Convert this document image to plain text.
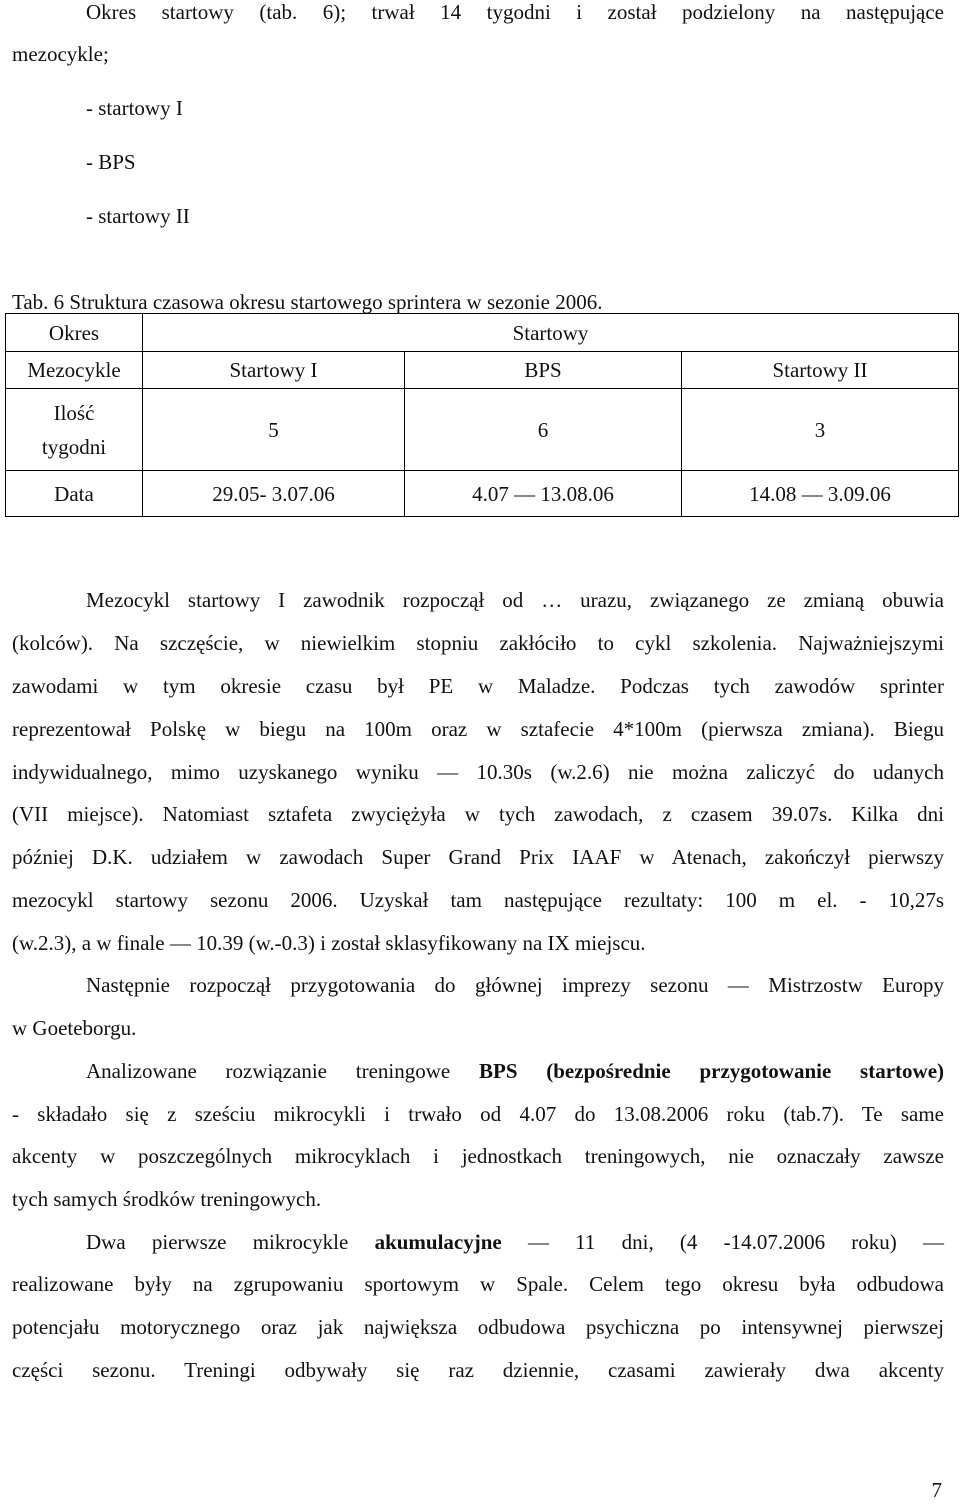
Okres startowy (tab. 6); trwał 14 tygodni i został podzielony na następujące

mezocykle;

- startowy I

- BPS

- startowy II

Tab. 6 Struktura czasowa okresu startowego sprintera w sezonie 2006.

Okres	Startowy		
Mezocykle	Startowy I	BPS	Startowy II

Ilość
tygodni	5	6	3
Data	29.05- 3.07.06	4.07 — 13.08.06	14.08 — 3.09.06

Mezocykl startowy I zawodnik rozpoczął od … urazu, związanego ze zmianą obuwia

(kolców). Na szczęście, w niewielkim stopniu zakłóciło to cykl szkolenia. Najważniejszymi

zawodami w tym okresie czasu był PE w Maladze. Podczas tych zawodów sprinter

reprezentował Polskę w biegu na 100m oraz w sztafecie 4*100m (pierwsza zmiana). Biegu

indywidualnego, mimo uzyskanego wyniku — 10.30s (w.2.6) nie można zaliczyć do udanych

(VII miejsce). Natomiast sztafeta zwyciężyła w tych zawodach, z czasem 39.07s. Kilka dni

później D.K. udziałem w zawodach Super Grand Prix IAAF w Atenach, zakończył pierwszy

mezocykl startowy sezonu 2006. Uzyskał tam następujące rezultaty: 100 m el. - 10,27s

(w.2.3), a w finale — 10.39 (w.-0.3) i został sklasyfikowany na IX miejscu.

Następnie rozpoczął przygotowania do głównej imprezy sezonu — Mistrzostw Europy

w Goeteborgu.

Analizowane rozwiązanie treningowe BPS (bezpośrednie przygotowanie startowe)

- składało się z sześciu mikrocykli i trwało od 4.07 do 13.08.2006 roku (tab.7). Te same

akcenty w poszczególnych mikrocyklach i jednostkach treningowych, nie oznaczały zawsze

tych samych środków treningowych.

Dwa pierwsze mikrocykle akumulacyjne — 11 dni, (4 -14.07.2006 roku) —

realizowane były na zgrupowaniu sportowym w Spale. Celem tego okresu była odbudowa

potencjału motorycznego oraz jak największa odbudowa psychiczna po intensywnej pierwszej

części sezonu. Treningi odbywały się raz dziennie, czasami zawierały dwa akcenty

7
